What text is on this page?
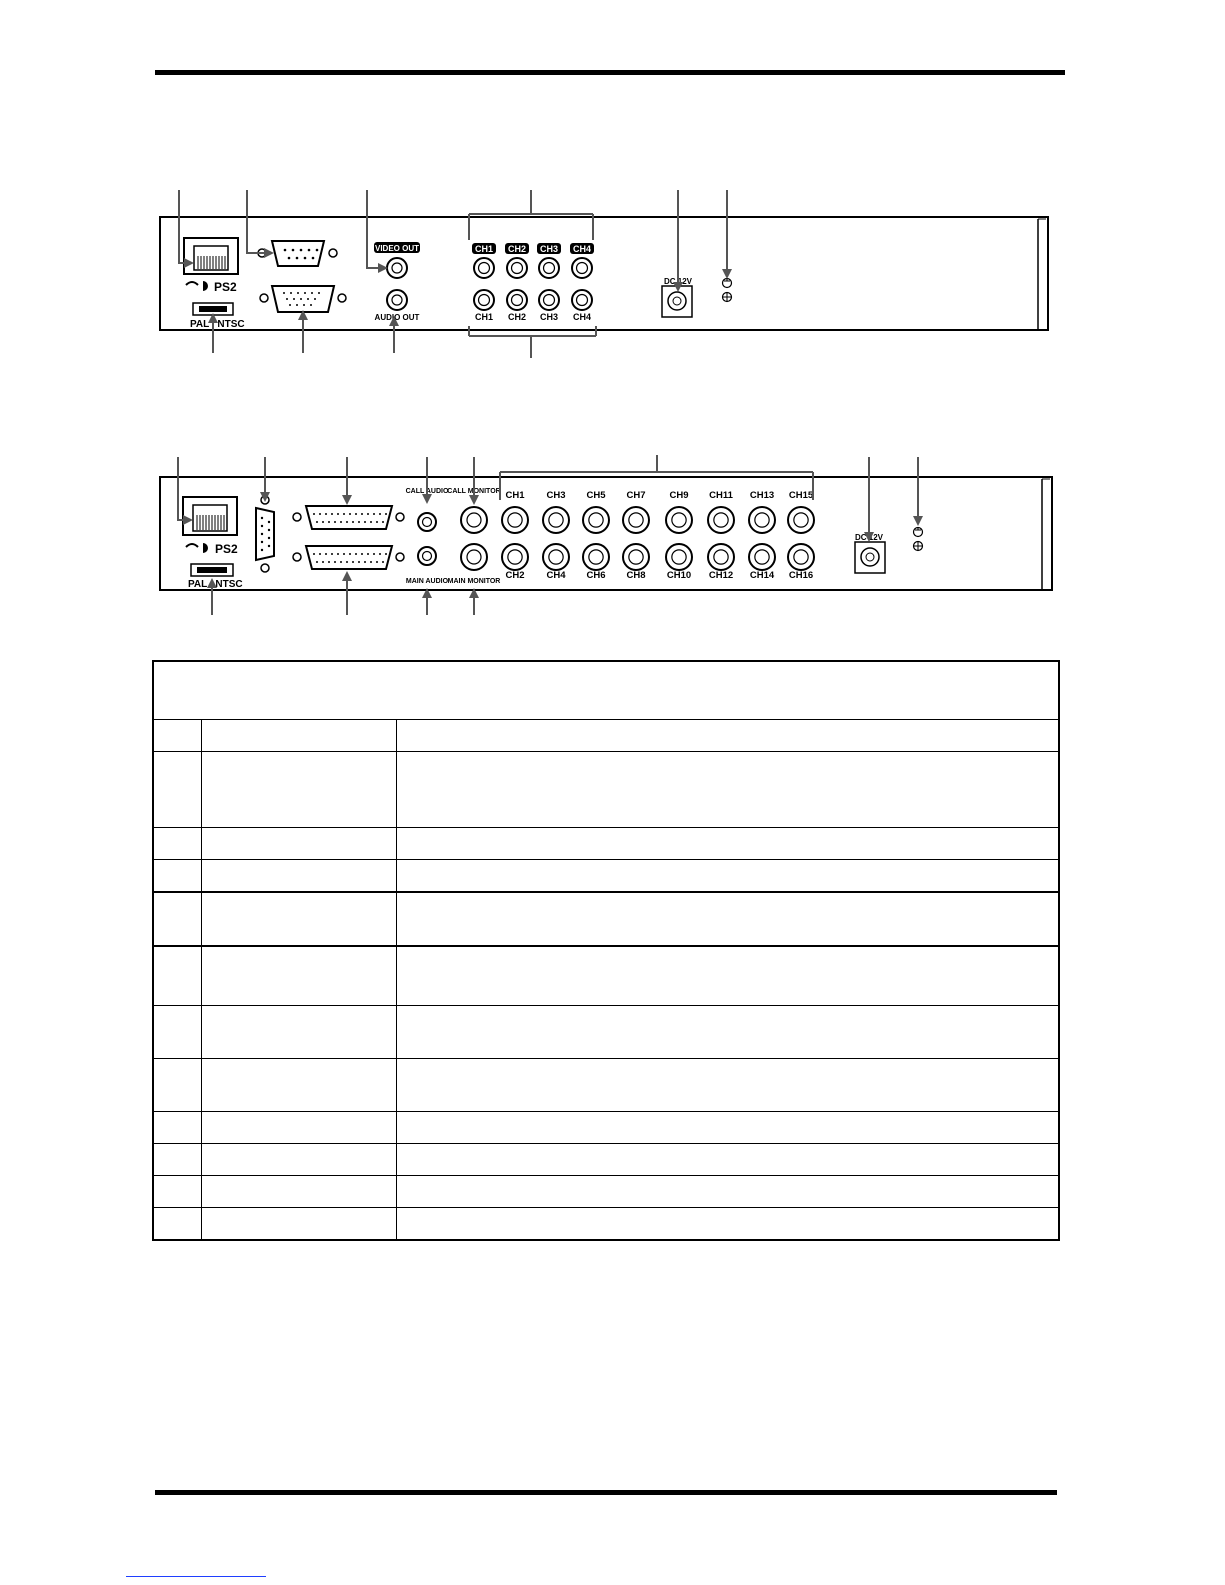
PS2
PAL / NTSC
VIDEO OUT
AUDIO OUT
CH1 CH2 CH3 CH4
CH1 CH2 CH3 CH4
DC 12V
PS2
PAL / NTSC
CALL AUDIO
MAIN AUDIO
CALL MONITOR
MAIN MONITOR
CH1 CH3 CH5 CH7	CH9 CH11 CH13 CH15
CH2 CH4 CH6 CH8 CH10 CH12 CH14 CH16
DC 12V
